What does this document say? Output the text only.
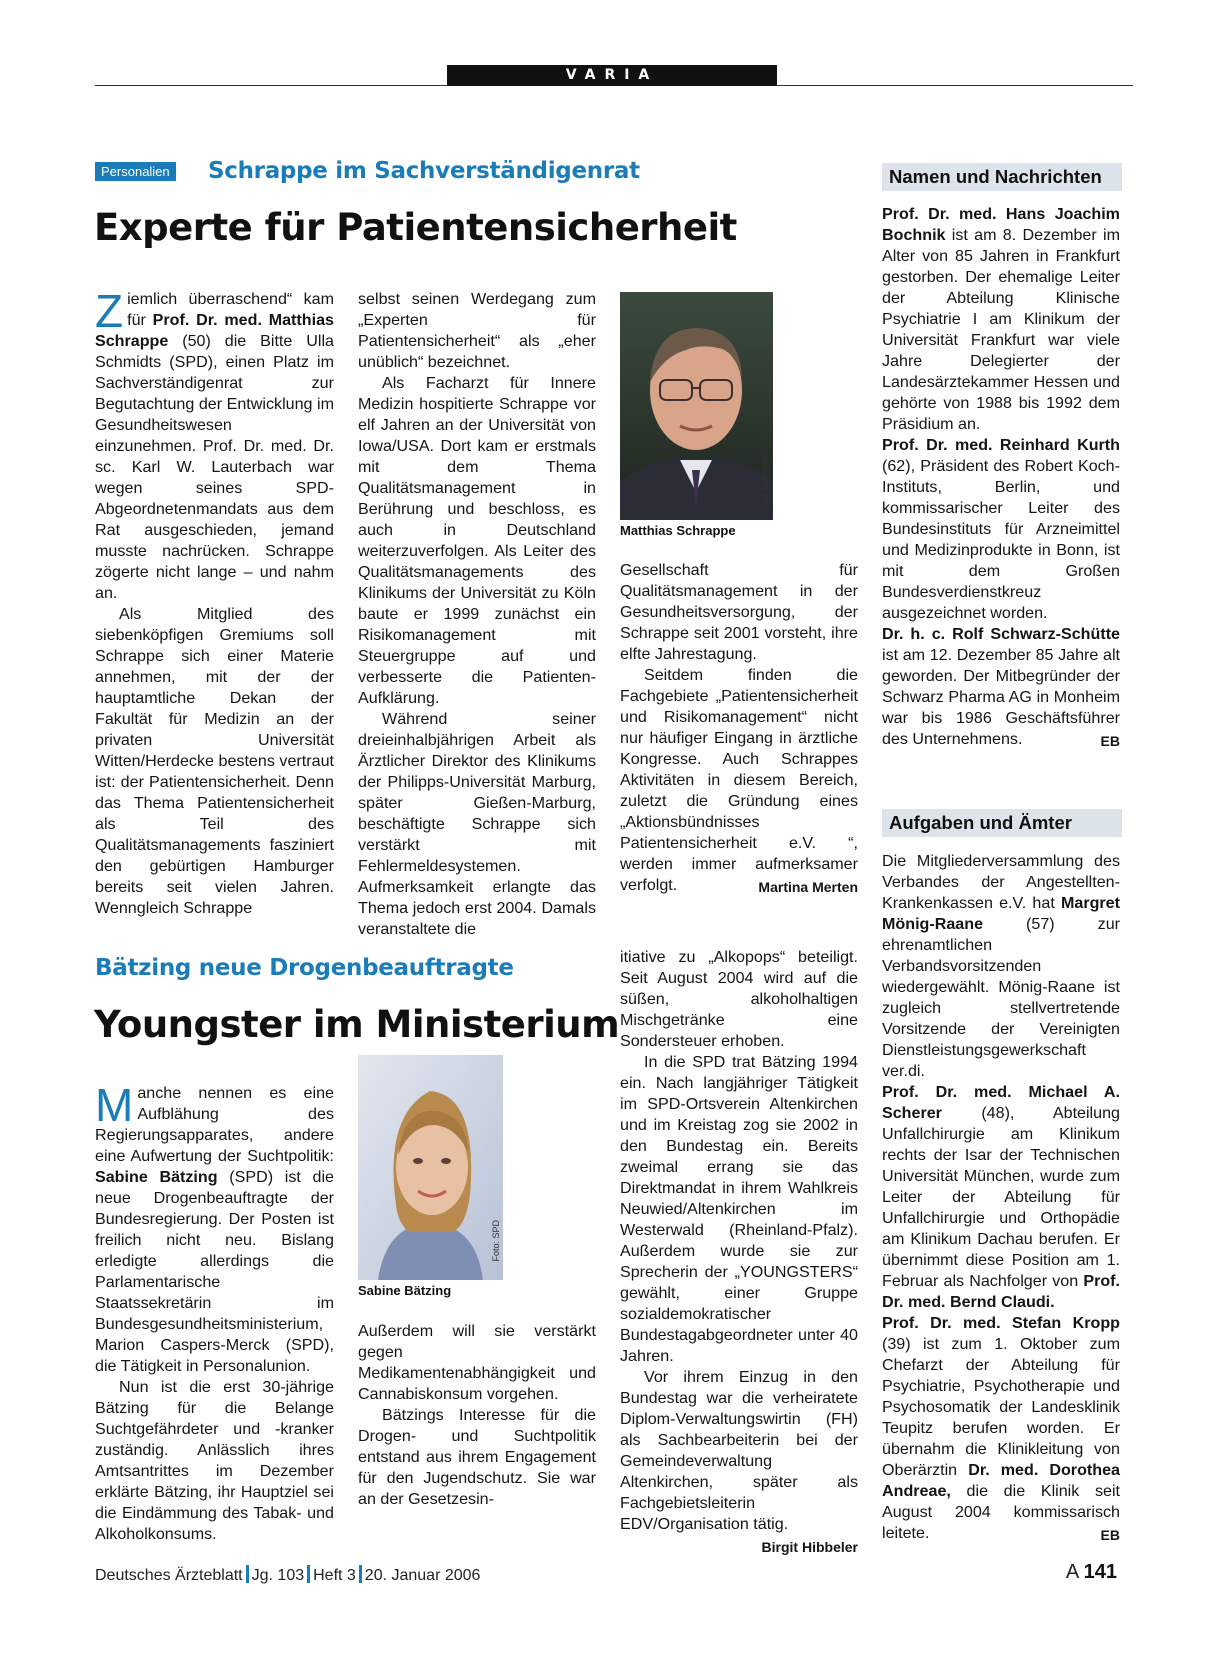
VARIA
Personalien Schrappe im Sachverständigenrat
Experte für Patientensicherheit

Ziemlich überraschend“ kam für Prof. Dr. med. Matthias Schrappe (50) die Bitte Ulla Schmidts (SPD), einen Platz im Sachverständigenrat zur Begutachtung der Entwicklung im Gesundheitswesen einzunehmen. Prof. Dr. med. Dr. sc. Karl W. Lauterbach war wegen seines SPD-Abgeordnetenmandats aus dem Rat ausgeschieden, jemand musste nachrücken. Schrappe zögerte nicht lange – und nahm an.

Als Mitglied des siebenköpfigen Gremiums soll Schrappe sich einer Materie annehmen, mit der der hauptamtliche Dekan der Fakultät für Medizin an der privaten Universität Witten/Herdecke bestens vertraut ist: der Patientensicherheit. Denn das Thema Patientensicherheit als Teil des Qualitätsmanagements fasziniert den gebürtigen Hamburger bereits seit vielen Jahren. Wenngleich Schrappe

selbst seinen Werdegang zum „Experten für Patientensicherheit“ als „eher unüblich“ bezeichnet.

Als Facharzt für Innere Medizin hospitierte Schrappe vor elf Jahren an der Universität von Iowa/USA. Dort kam er erstmals mit dem Thema Qualitätsmanagement in Berührung und beschloss, es auch in Deutschland weiterzuverfolgen. Als Leiter des Qualitätsmanagements des Klinikums der Universität zu Köln baute er 1999 zunächst ein Risikomanagement mit Steuergruppe auf und verbesserte die Patienten-Aufklärung.

Während seiner dreieinhalbjährigen Arbeit als Ärztlicher Direktor des Klinikums der Philipps-Universität Marburg, später Gießen-Marburg, beschäftigte Schrappe sich verstärkt mit Fehlermeldesystemen. Aufmerksamkeit erlangte das Thema jedoch erst 2004. Damals veranstaltete die

Foto: Bernhard Eifrig
Matthias Schrappe

Gesellschaft für Qualitätsmanagement in der Gesundheitsversorgung, der Schrappe seit 2001 vorsteht, ihre elfte Jahrestagung.

Seitdem finden die Fachgebiete „Patientensicherheit und Risikomanagement“ nicht nur häufiger Eingang in ärztliche Kongresse. Auch Schrappes Aktivitäten in diesem Bereich, zuletzt die Gründung eines „Aktionsbündnisses Patientensicherheit e.V. “, werden immer aufmerksamer verfolgt.	Martina Merten

Bätzing neue Drogenbeauftragte
Youngster im Ministerium

Manche nennen es eine Aufblähung des Regierungsapparates, andere eine Aufwertung der Suchtpolitik: Sabine Bätzing (SPD) ist die neue Drogenbeauftragte der Bundesregierung. Der Posten ist freilich nicht neu. Bislang erledigte allerdings die Parlamentarische Staatssekretärin im Bundesgesundheitsministerium, Marion Caspers-Merck (SPD), die Tätigkeit in Personalunion.

Nun ist die erst 30-jährige Bätzing für die Belange Suchtgefährdeter und -kranker zuständig. Anlässlich ihres Amtsantrittes im Dezember erklärte Bätzing, ihr Hauptziel sei die Eindämmung des Tabak- und Alkoholkonsums.

Foto: SPD
Sabine Bätzing

Außerdem will sie verstärkt gegen Medikamentenabhängigkeit und Cannabiskonsum vorgehen.

Bätzings Interesse für die Drogen- und Suchtpolitik entstand aus ihrem Engagement für den Jugendschutz. Sie war an der Gesetzesin-

itiative zu „Alkopops“ beteiligt. Seit August 2004 wird auf die süßen, alkoholhaltigen Mischgetränke eine Sondersteuer erhoben.

In die SPD trat Bätzing 1994 ein. Nach langjähriger Tätigkeit im SPD-Ortsverein Altenkirchen und im Kreistag zog sie 2002 in den Bundestag ein. Bereits zweimal errang sie das Direktmandat in ihrem Wahlkreis Neuwied/Altenkirchen im Westerwald (Rheinland-Pfalz). Außerdem wurde sie zur Sprecherin der „YOUNGSTERS“ gewählt, einer Gruppe sozialdemokratischer Bundestagabgeordneter unter 40 Jahren.

Vor ihrem Einzug in den Bundestag war die verheiratete Diplom-Verwaltungswirtin (FH) als Sachbearbeiterin bei der Gemeindeverwaltung Altenkirchen, später als Fachgebietsleiterin EDV/Organisation tätig.
Birgit Hibbeler

Namen und Nachrichten

Prof. Dr. med. Hans Joachim Bochnik ist am 8. Dezember im Alter von 85 Jahren in Frankfurt gestorben. Der ehemalige Leiter der Abteilung Klinische Psychiatrie I am Klinikum der Universität Frankfurt war viele Jahre Delegierter der Landesärztekammer Hessen und gehörte von 1988 bis 1992 dem Präsidium an.

Prof. Dr. med. Reinhard Kurth (62), Präsident des Robert Koch-Instituts, Berlin, und kommissarischer Leiter des Bundesinstituts für Arzneimittel und Medizinprodukte in Bonn, ist mit dem Großen Bundesverdienstkreuz ausgezeichnet worden.

Dr. h. c. Rolf Schwarz-Schütte ist am 12. Dezember 85 Jahre alt geworden. Der Mitbegründer der Schwarz Pharma AG in Monheim war bis 1986 Geschäftsführer des Unternehmens.	EB

Aufgaben und Ämter

Die Mitgliederversammlung des Verbandes der Angestellten-Krankenkassen e.V. hat Margret Mönig-Raane (57) zur ehrenamtlichen Verbandsvorsitzenden wiedergewählt. Mönig-Raane ist zugleich stellvertretende Vorsitzende der Vereinigten Dienstleistungsgewerkschaft ver.di.

Prof. Dr. med. Michael A. Scherer (48), Abteilung Unfallchirurgie am Klinikum rechts der Isar der Technischen Universität München, wurde zum Leiter der Abteilung für Unfallchirurgie und Orthopädie am Klinikum Dachau berufen. Er übernimmt diese Position am 1. Februar als Nachfolger von Prof. Dr. med. Bernd Claudi.

Prof. Dr. med. Stefan Kropp (39) ist zum 1. Oktober zum Chefarzt der Abteilung für Psychiatrie, Psychotherapie und Psychosomatik der Landesklinik Teupitz berufen worden. Er übernahm die Klinikleitung von Oberärztin Dr. med. Dorothea Andreae, die die Klinik seit August 2004 kommissarisch leitete.	EB

Deutsches Ärzteblatt Jg. 103 Heft 3 20. Januar 2006	A 141
